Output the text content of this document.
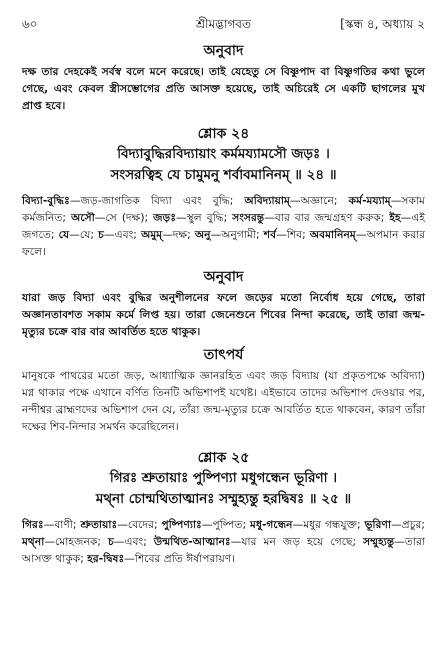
৬০	শ্রীমদ্ভাগবত	[স্কন্ধ ৪, অধ্যায় ২
অনুবাদ
দক্ষ তার দেহকেই সর্বস্ব বলে মনে করেছে। তাই যেহেতু সে বিষ্ণুপাদ বা বিষ্ণুগতির কথা ভুলে গেছে, এবং কেবল স্ত্রীসম্ভোগের প্রতি আসক্ত হয়েছে, তাই অচিরেই সে একটি ছাগলের মুখ প্রাপ্ত হবে।
শ্লোক ২৪
বিদ্যাবুদ্ধিরবিদ্যায়াং কর্মময্যামসৌ জড়ঃ ।
সংসরত্বিহ যে চামুমনু শর্বাবমানিনম্ ॥ ২৪ ॥
বিদ্যা-বুদ্ধিঃ—জড়-জাগতিক বিদ্যা এবং বুদ্ধি; অবিদ্যায়াম্—অজ্ঞানে; কর্ম-ময্যাম্—সকাম কর্মজনিত; অসৌ—সে (দক্ষ); জড়ঃ—স্থুল বুদ্ধি; সংসরন্তু—বার বার জন্মগ্রহণ করুক; ইহ—এই জগতে; যে—যে; চ—এবং; অমুম্—দক্ষ; অনু—অনুগামী; শর্ব—শিব; অবমানিনম্—অপমান করার ফলে।
অনুবাদ
যারা জড় বিদ্যা এবং বুদ্ধির অনুশীলনের ফলে জড়ের মতো নির্বোধ হয়ে গেছে, তারা অজ্ঞানতাবশত সকাম কর্মে লিপ্ত হয়। তারা জেনেশুনে শিবের নিন্দা করেছে, তাই তারা জন্ম-মৃত্যুর চক্রে বার বার আবর্তিত হতে থাকুক।
তাৎপর্য
মানুষকে পাথরের মতো জড়, আধ্যাত্মিক জ্ঞানরহিত এবং জড় বিদ্যায় (যা প্রকৃতপক্ষে অবিদ্যা) মগ্ন থাকার পক্ষে এখানে বর্ণিত তিনটি অভিশাপই যথেষ্ট। এইভাবে তাদের অভিশাপ দেওয়ার পর, নন্দীশ্বর ব্রাহ্মণদের অভিশাপ দেন যে, তাঁরা জন্ম-মৃত্যুর চক্রে আবর্তিত হতে থাকবেন, কারণ তাঁরা দক্ষের শিব-নিন্দার সমর্থন করেছিলেন।
শ্লোক ২৫
গিরঃ শ্রুতায়াঃ পুষ্পিণ্যা মধুগন্ধেন ভূরিণা ।
মথ্না চোন্মথিতাত্মানঃ সম্মুহ্যন্তু হরদ্বিষঃ ॥ ২৫ ॥
গিরঃ—বাণী; শ্রুতায়াঃ—বেদের; পুষ্পিণ্যাঃ—পুষ্পিত; মধু-গন্ধেন—মধুর গন্ধযুক্ত; ভূরিণা—প্রচুর; মথ্না—মোহজনক; চ—এবং; উন্মথিত-আত্মানঃ—যার মন জড় হয়ে গেছে; সম্মুহ্যন্তু—তারা আসক্ত থাকুক; হর-দ্বিষঃ—শিবের প্রতি ঈর্ষাপরায়ণ।
